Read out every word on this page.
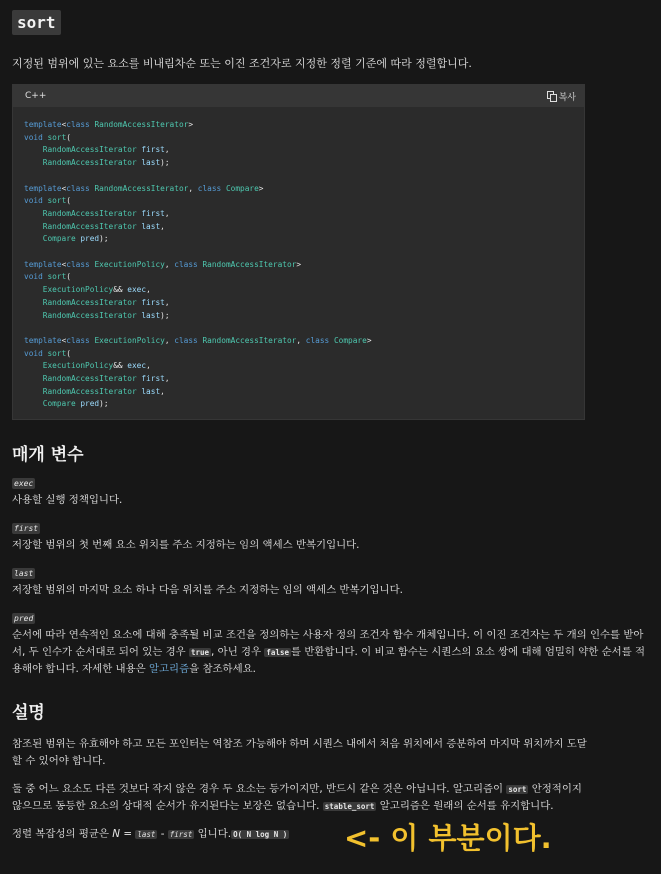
sort

지정된 범위에 있는 요소를 비내림차순 또는 이진 조건자로 지정한 정렬 기준에 따라 정렬합니다.

C++	복사
template<class RandomAccessIterator>
void sort(
RandomAccessIterator first,
RandomAccessIterator last);

template<class RandomAccessIterator, class Compare>
void sort(
RandomAccessIterator first,
RandomAccessIterator last,
Compare pred);

template<class ExecutionPolicy, class RandomAccessIterator>
void sort(
ExecutionPolicy&& exec,
RandomAccessIterator first,
RandomAccessIterator last);

template<class ExecutionPolicy, class RandomAccessIterator, class Compare>
void sort(
ExecutionPolicy&& exec,
RandomAccessIterator first,
RandomAccessIterator last,
Compare pred);
매개 변수
exec

사용할 실행 정책입니다.

first

저장할 범위의 첫 번째 요소 위치를 주소 지정하는 임의 액세스 반복기입니다.

last

저장할 범위의 마지막 요소 하나 다음 위치를 주소 지정하는 임의 액세스 반복기입니다.

pred

순서에 따라 연속적인 요소에 대해 충족될 비교 조건을 정의하는 사용자 정의 조건자 함수 개체입니다. 이 이진 조건자는 두 개의 인수를 받아서, 두 인수가 순서대로 되어 있는 경우 true , 아닌 경우 false 를 반환합니다. 이 비교 함수는 시퀀스의 요소 쌍에 대해 엄밀히 약한 순서를 적용해야 합니다. 자세한 내용은 알고리즘을 참조하세요.

설명

참조된 범위는 유효해야 하고 모든 포인터는 역참조 가능해야 하며 시퀀스 내에서 처음 위치에서 증분하여 마지막 위치까지 도달할 수 있어야 합니다.

둘 중 어느 요소도 다른 것보다 작지 않은 경우 두 요소는 등가이지만, 반드시 같은 것은 아닙니다. 알고리즘이 sort 안정적이지 않으므로 동등한 요소의 상대적 순서가 유지된다는 보장은 없습니다. stable_sort 알고리즘은 원래의 순서를 유지합니다.

정렬 복잡성의 평균은 N = last - first 입니다. O( N log N )	<- 이 부분이다.
